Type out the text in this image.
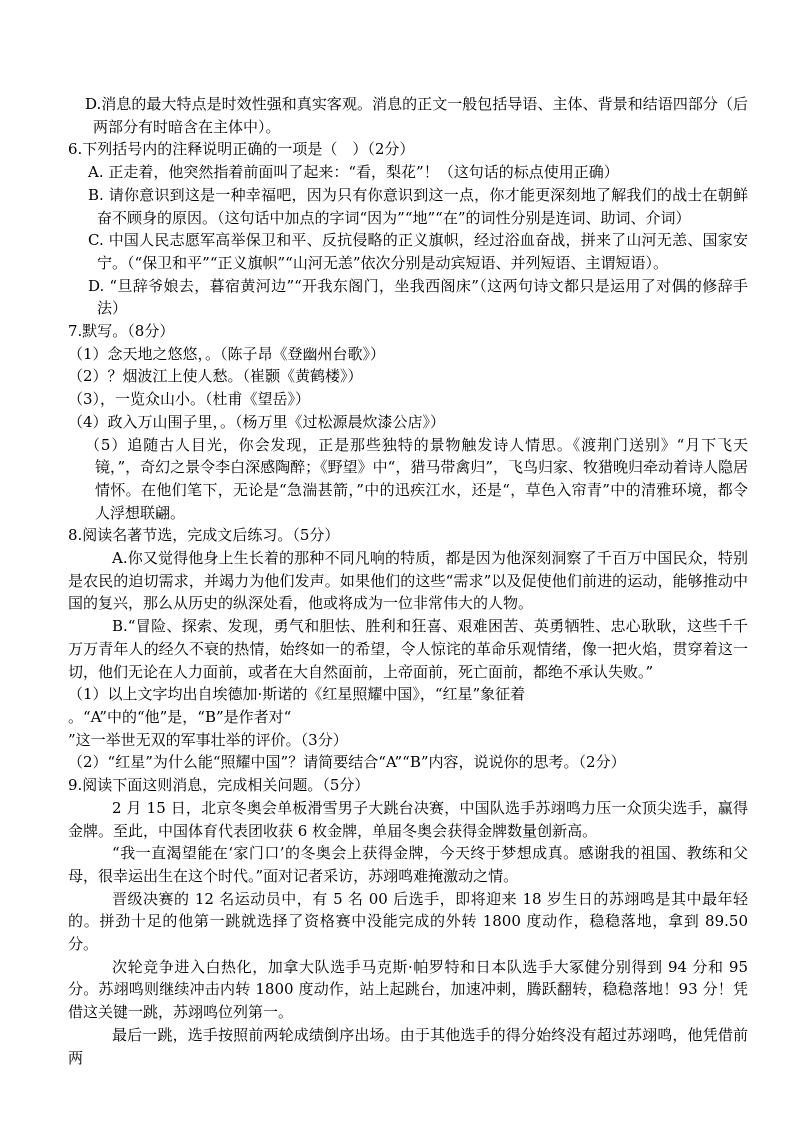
D.消息的最大特点是时效性强和真实客观。消息的正文一般包括导语、主体、背景和结语四部分（后两部分有时暗含在主体中）。

6.下列括号内的注释说明正确的一项是（　）（2分）

A. 正走着，他突然指着前面叫了起来：“看，梨花”！（这句话的标点使用正确）

B. 请你意识到这是一种幸福吧，因为只有你意识到这一点，你才能更深刻地了解我们的战士在朝鲜奋不顾身的原因。（这句话中加点的字词“因为”“地”“在”的词性分别是连词、助词、介词）

C. 中国人民志愿军高举保卫和平、反抗侵略的正义旗帜，经过浴血奋战，拼来了山河无恙、国家安宁。（“保卫和平”“正义旗帜”“山河无恙”依次分别是动宾短语、并列短语、主谓短语）。

D. “旦辞爷娘去，暮宿黄河边”“开我东阁门，坐我西阁床”（这两句诗文都只是运用了对偶的修辞手法）

7.默写。（8分）

（1）念天地之悠悠，。（陈子昂《登幽州台歌》）

（2）？烟波江上使人愁。（崔颢《黄鹤楼》）

（3），一览众山小。（杜甫《望岳》）

（4）政入万山围子里，。（杨万里《过松源晨炊漆公店》）

（5）追随古人目光，你会发现，正是那些独特的景物触发诗人情思。《渡荆门送别》“月下飞天镜，”，奇幻之景令李白深感陶醉；《野望》中“，猎马带禽归”，飞鸟归家、牧猎晚归牵动着诗人隐居情怀。在他们笔下，无论是“急湍甚箭，”中的迅疾江水，还是“，草色入帘青”中的清雅环境，都令人浮想联翩。

8.阅读名著节选，完成文后练习。（5分）

A.你又觉得他身上生长着的那种不同凡响的特质，都是因为他深刻洞察了千百万中国民众，特别是农民的迫切需求，并竭力为他们发声。如果他们的这些“需求”以及促使他们前进的运动，能够推动中国的复兴，那么从历史的纵深处看，他或将成为一位非常伟大的人物。

B.“冒险、探索、发现，勇气和胆怯、胜利和狂喜、艰难困苦、英勇牺牲、忠心耿耿，这些千千万万青年人的经久不衰的热情，始终如一的希望，令人惊诧的革命乐观情绪，像一把火焰，贯穿着这一切，他们无论在人力面前，或者在大自然面前，上帝面前，死亡面前，都绝不承认失败。”

（1）以上文字均出自埃德加·斯诺的《红星照耀中国》，“红星”象征着

。“A”中的“他”是，“B”是作者对“

”这一举世无双的军事壮举的评价。（3分）

（2）“红星”为什么能“照耀中国”？请简要结合“A”“B”内容，说说你的思考。（2分）

9.阅读下面这则消息，完成相关问题。（5分）

2 月 15 日，北京冬奥会单板滑雪男子大跳台决赛，中国队选手苏翊鸣力压一众顶尖选手，赢得金牌。至此，中国体育代表团收获 6 枚金牌，单届冬奥会获得金牌数量创新高。

“我一直渴望能在‘家门口’的冬奥会上获得金牌，今天终于梦想成真。感谢我的祖国、教练和父母，很幸运出生在这个时代。”面对记者采访，苏翊鸣难掩激动之情。

晋级决赛的 12 名运动员中，有 5 名 00 后选手，即将迎来 18 岁生日的苏翊鸣是其中最年轻的。拼劲十足的他第一跳就选择了资格赛中没能完成的外转 1800 度动作，稳稳落地，拿到 89.50 分。

次轮竞争进入白热化，加拿大队选手马克斯·帕罗特和日本队选手大冢健分别得到 94 分和 95 分。苏翊鸣则继续冲击内转 1800 度动作，站上起跳台，加速冲刺，腾跃翻转，稳稳落地！93 分！凭借这关键一跳，苏翊鸣位列第一。

最后一跳，选手按照前两轮成绩倒序出场。由于其他选手的得分始终没有超过苏翊鸣，他凭借前两
